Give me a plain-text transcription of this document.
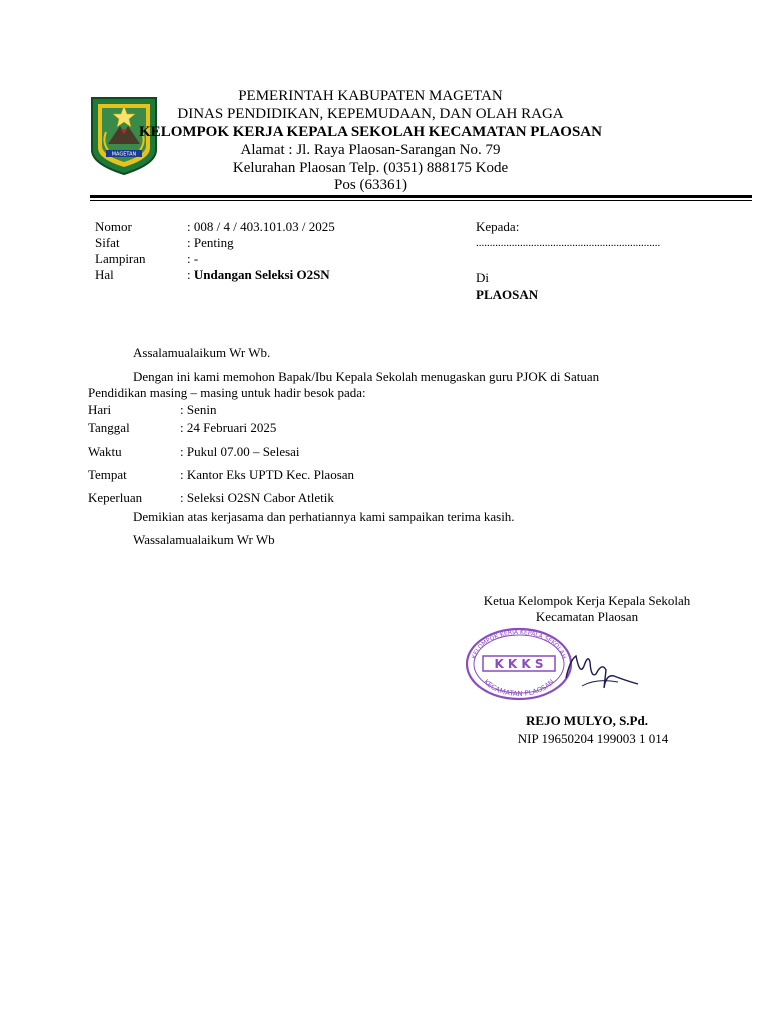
MAGETAN
PEMERINTAH KABUPATEN MAGETAN
DINAS PENDIDIKAN, KEPEMUDAAN, DAN OLAH RAGA
KELOMPOK KERJA KEPALA SEKOLAH KECAMATAN PLAOSAN
Alamat : Jl. Raya Plaosan-Sarangan No. 79
Kelurahan Plaosan Telp. (0351) 888175 Kode
Pos (63361)
Nomor	: 008 / 4 / 403.101.03 / 2025
Sifat	: Penting
Lampiran	: -
Hal	: Undangan Seleksi O2SN
Kepada:
...................................................................
Di
PLAOSAN
Assalamualaikum Wr Wb.
Dengan ini kami memohon Bapak/Ibu Kepala Sekolah menugaskan guru PJOK di Satuan
Pendidikan masing – masing untuk hadir besok pada:
Hari	: Senin
Tanggal	: 24 Februari 2025
Waktu	: Pukul 07.00 – Selesai
Tempat	: Kantor Eks UPTD Kec. Plaosan
Keperluan	: Seleksi O2SN Cabor Atletik
Demikian atas kerjasama dan perhatiannya kami sampaikan terima kasih.
Wassalamualaikum Wr Wb
Ketua Kelompok Kerja Kepala Sekolah
Kecamatan Plaosan
KELOMPOK KERJA KEPALA SEKOLAH
K K K S
KECAMATAN PLAOSAN
REJO MULYO, S.Pd.
NIP 19650204 199003 1 014
